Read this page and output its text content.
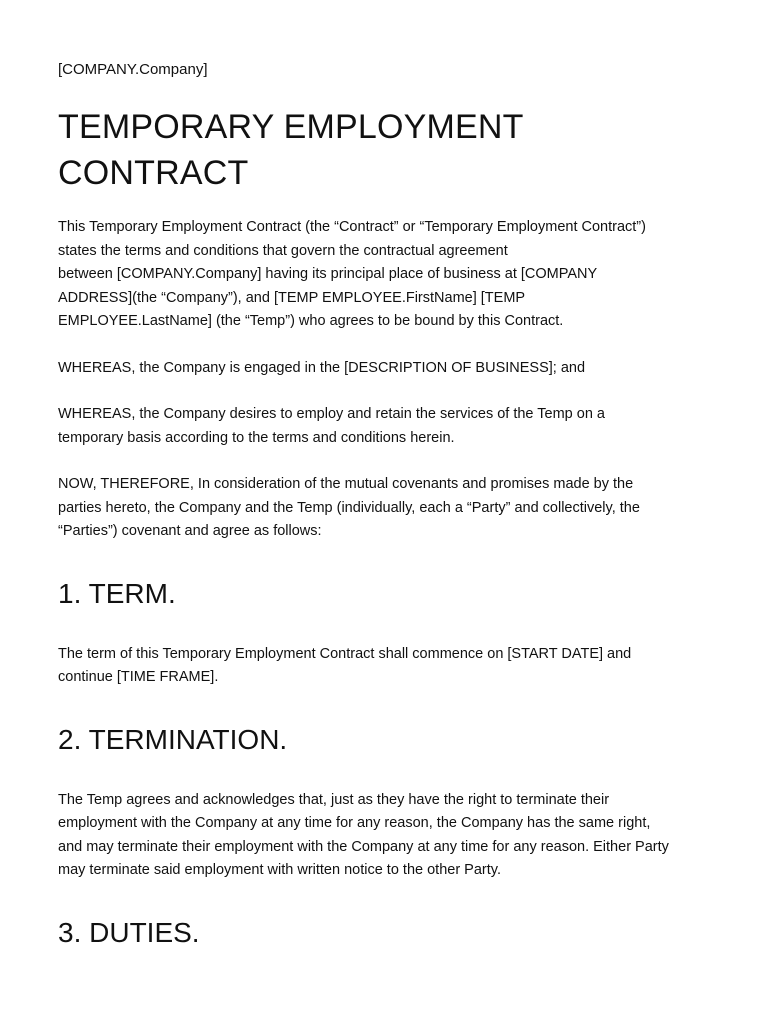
[COMPANY.Company]
TEMPORARY EMPLOYMENT
CONTRACT

This Temporary Employment Contract (the “Contract” or “Temporary Employment Contract”)
states the terms and conditions that govern the contractual agreement
between [COMPANY.Company] having its principal place of business at [COMPANY
ADDRESS](the “Company”), and [TEMP EMPLOYEE.FirstName] [TEMP
EMPLOYEE.LastName] (the “Temp”) who agrees to be bound by this Contract.

WHEREAS, the Company is engaged in the [DESCRIPTION OF BUSINESS]; and

WHEREAS, the Company desires to employ and retain the services of the Temp on a
temporary basis according to the terms and conditions herein.

NOW, THEREFORE, In consideration of the mutual covenants and promises made by the
parties hereto, the Company and the Temp (individually, each a “Party” and collectively, the
“Parties”) covenant and agree as follows:

1. TERM.

The term of this Temporary Employment Contract shall commence on [START DATE] and
continue [TIME FRAME].

2. TERMINATION.

The Temp agrees and acknowledges that, just as they have the right to terminate their
employment with the Company at any time for any reason, the Company has the same right,
and may terminate their employment with the Company at any time for any reason. Either Party
may terminate said employment with written notice to the other Party.

3. DUTIES.
